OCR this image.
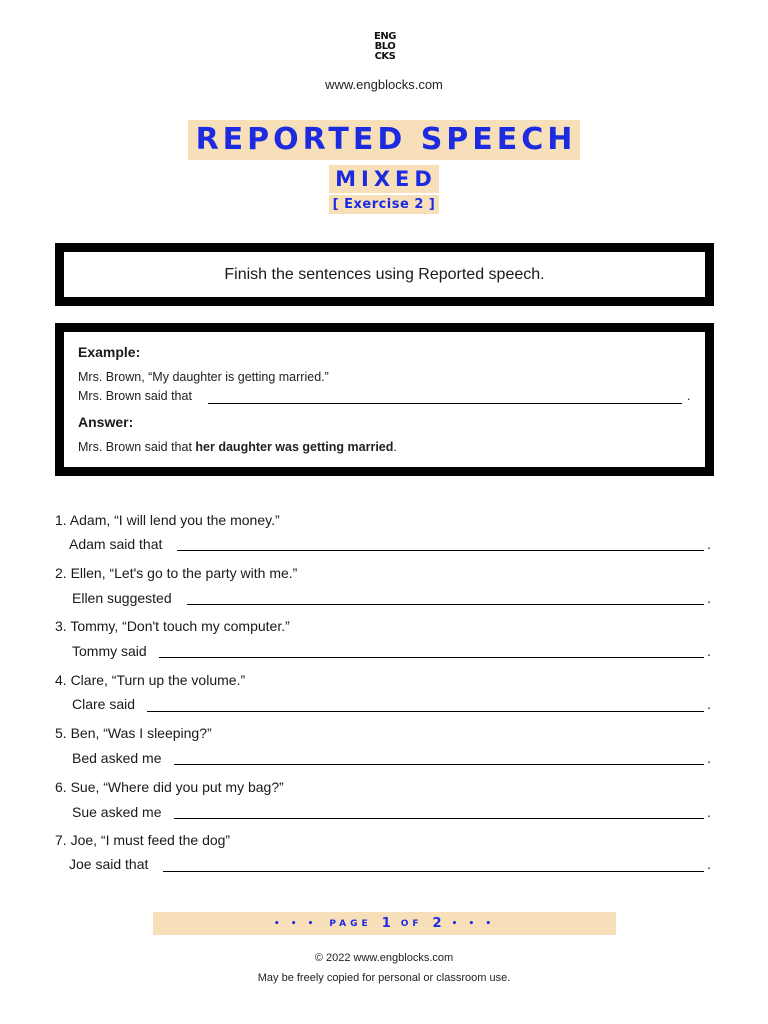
ENG
BLO
CKS
www.engblocks.com
REPORTED SPEECH
MIXED
[ Exercise 2 ]
Finish the sentences using Reported speech.
Example:
Mrs. Brown, “My daughter is getting married.”
Mrs. Brown said that	.
Answer:
Mrs. Brown said that her daughter was getting married.
1. Adam, “I will lend you the money.”
Adam said that	.
2. Ellen, “Let's go to the party with me.”
Ellen suggested	.
3. Tommy, “Don't touch my computer.”
Tommy said	.
4. Clare, “Turn up the volume.”
Clare said	.
5. Ben, “Was I sleeping?”
Bed asked me	.
6. Sue, “Where did you put my bag?”
Sue asked me	.
7. Joe, “I must feed the dog”
Joe said that	.
• • • PAGE 1 OF 2 • • •
© 2022 www.engblocks.com
May be freely copied for personal or classroom use.
